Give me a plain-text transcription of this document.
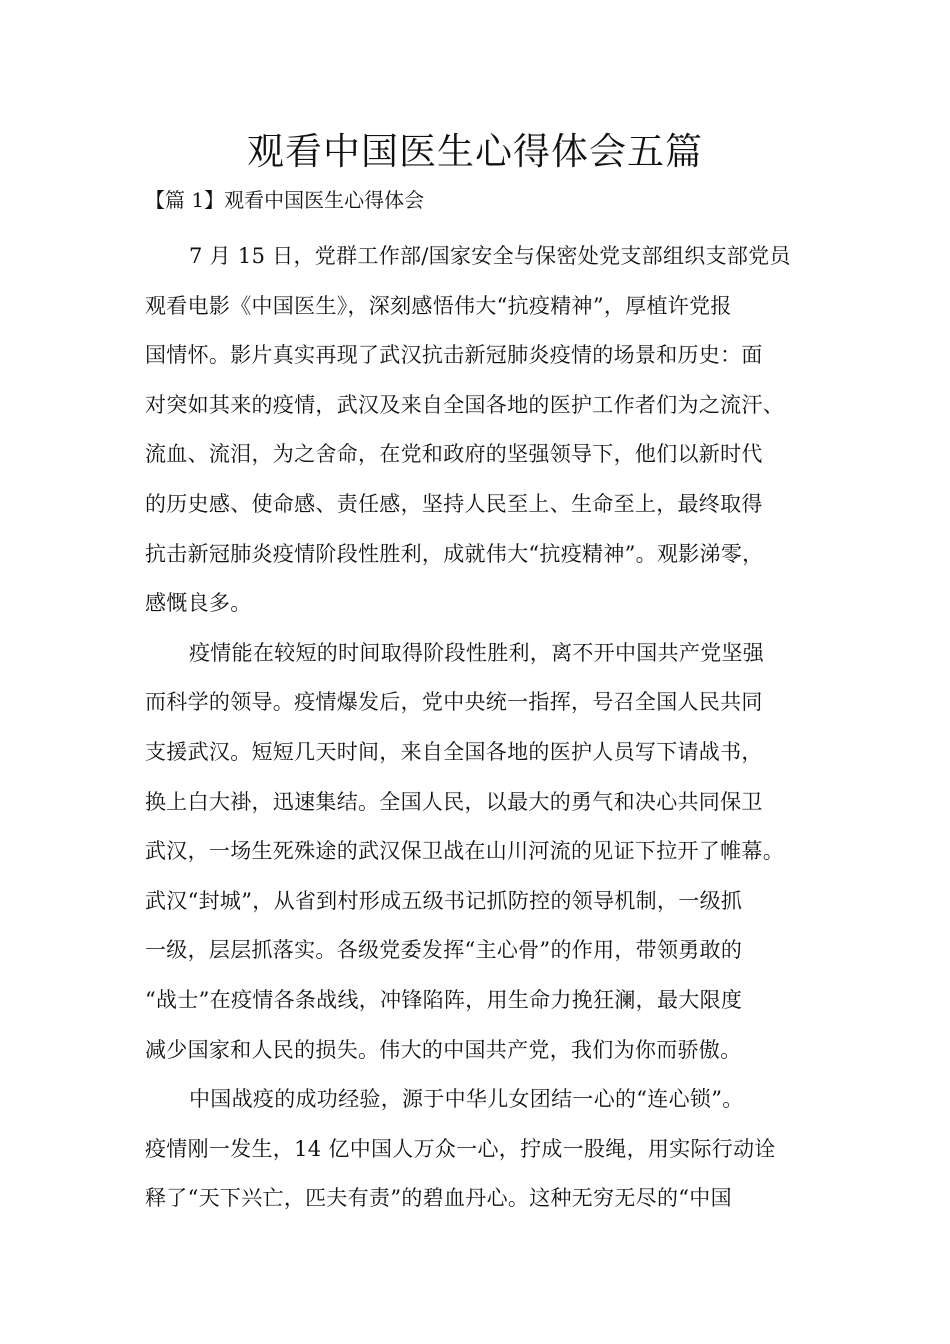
观看中国医生心得体会五篇
【篇 1】观看中国医生心得体会
7 月 15 日，党群工作部/国家安全与保密处党支部组织支部党员
观看电影《中国医生》，深刻感悟伟大“抗疫精神”，厚植许党报
国情怀。影片真实再现了武汉抗击新冠肺炎疫情的场景和历史：面
对突如其来的疫情，武汉及来自全国各地的医护工作者们为之流汗、
流血、流泪，为之舍命，在党和政府的坚强领导下，他们以新时代
的历史感、使命感、责任感，坚持人民至上、生命至上，最终取得
抗击新冠肺炎疫情阶段性胜利，成就伟大“抗疫精神”。观影涕零，
感慨良多。
疫情能在较短的时间取得阶段性胜利，离不开中国共产党坚强
而科学的领导。疫情爆发后，党中央统一指挥，号召全国人民共同
支援武汉。短短几天时间，来自全国各地的医护人员写下请战书，
换上白大褂，迅速集结。全国人民，以最大的勇气和决心共同保卫
武汉，一场生死殊途的武汉保卫战在山川河流的见证下拉开了帷幕。
武汉“封城”，从省到村形成五级书记抓防控的领导机制，一级抓
一级，层层抓落实。各级党委发挥“主心骨”的作用，带领勇敢的
“战士”在疫情各条战线，冲锋陷阵，用生命力挽狂澜，最大限度
减少国家和人民的损失。伟大的中国共产党，我们为你而骄傲。
中国战疫的成功经验，源于中华儿女团结一心的“连心锁”。
疫情刚一发生，14 亿中国人万众一心，拧成一股绳，用实际行动诠
释了“天下兴亡，匹夫有责”的碧血丹心。这种无穷无尽的“中国
